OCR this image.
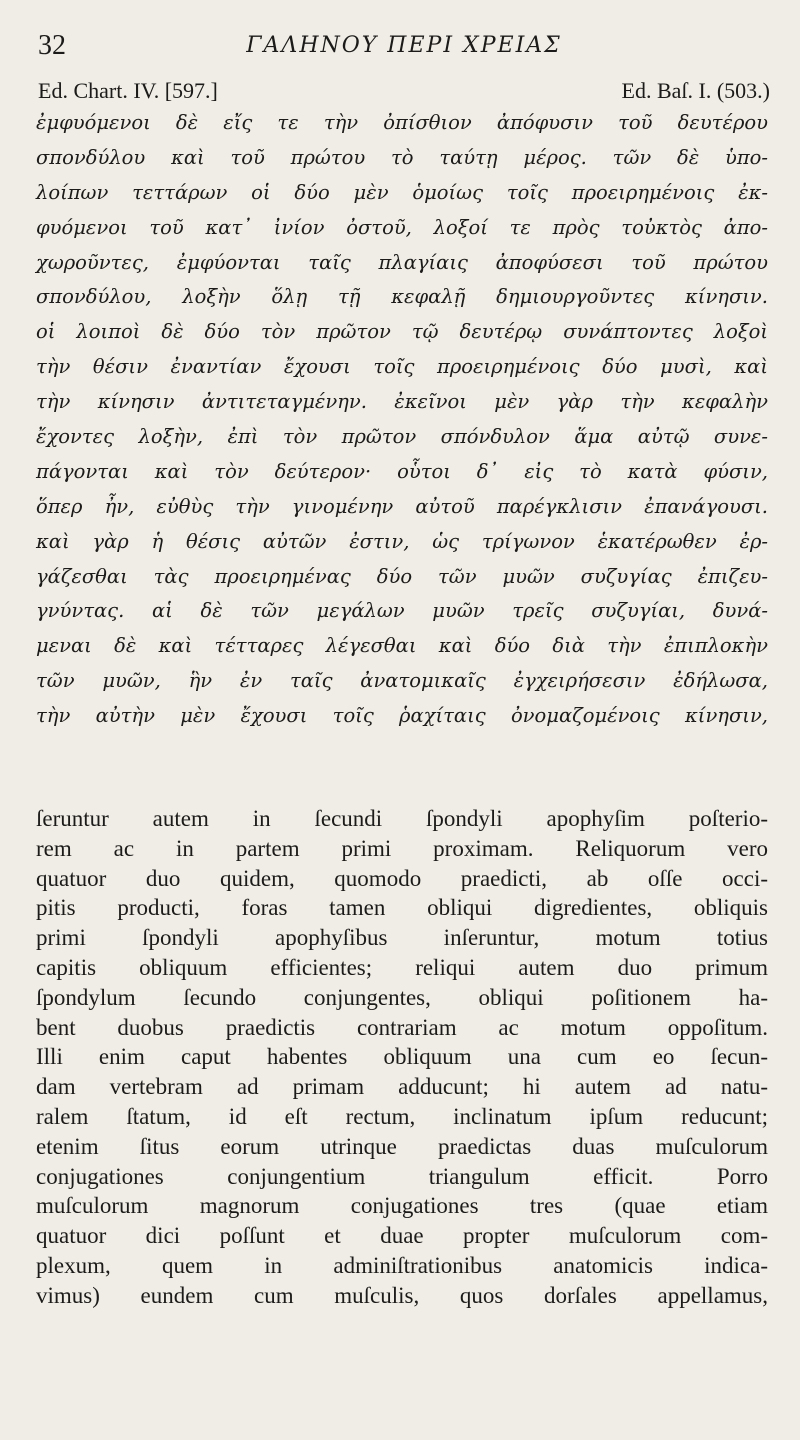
32	ΓΑΛΗΝΟΥ ΠΕΡΙ ΧΡΕΙΑΣ
Ed. Chart. IV. [597.]	Ed. Baſ. I. (503.)
ἐμφυόμενοι δὲ εἴς τε τὴν ὀπίσθιον ἀπόφυσιν τοῦ δευτέρου
σπονδύλου καὶ τοῦ πρώτου τὸ ταύτῃ μέρος. τῶν δὲ ὑπο-
λοίπων τεττάρων οἱ δύο μὲν ὁμοίως τοῖς προειρημένοις ἐκ-
φυόμενοι τοῦ κατ᾽ ἰνίον ὀστοῦ, λοξοί τε πρὸς τοὐκτὸς ἀπο-
χωροῦντες, ἐμφύονται ταῖς πλαγίαις ἀποφύσεσι τοῦ πρώτου
σπονδύλου, λοξὴν ὅλῃ τῇ κεφαλῇ δημιουργοῦντες κίνησιν.
οἱ λοιποὶ δὲ δύο τὸν πρῶτον τῷ δευτέρῳ συνάπτοντες λοξοὶ
τὴν θέσιν ἐναντίαν ἔχουσι τοῖς προειρημένοις δύο μυσὶ, καὶ
τὴν κίνησιν ἀντιτεταγμένην. ἐκεῖνοι μὲν γὰρ τὴν κεφαλὴν
ἔχοντες λοξὴν, ἐπὶ τὸν πρῶτον σπόνδυλον ἅμα αὐτῷ συνε-
πάγονται καὶ τὸν δεύτερον· οὗτοι δ᾽ εἰς τὸ κατὰ φύσιν,
ὅπερ ἦν, εὐθὺς τὴν γινομένην αὐτοῦ παρέγκλισιν ἐπανάγουσι.
καὶ γὰρ ἡ θέσις αὐτῶν ἐστιν, ὡς τρίγωνον ἑκατέρωθεν ἐρ-
γάζεσθαι τὰς προειρημένας δύο τῶν μυῶν συζυγίας ἐπιζευ-
γνύντας. αἱ δὲ τῶν μεγάλων μυῶν τρεῖς συζυγίαι, δυνά-
μεναι δὲ καὶ τέτταρες λέγεσθαι καὶ δύο διὰ τὴν ἐπιπλοκὴν
τῶν μυῶν, ἣν ἐν ταῖς ἀνατομικαῖς ἐγχειρήσεσιν ἐδήλωσα,
τὴν αὐτὴν μὲν ἔχουσι τοῖς ῥαχίταις ὀνομαζομένοις κίνησιν,
ſeruntur autem in ſecundi ſpondyli apophyſim poſterio-
rem ac in partem primi proximam. Reliquorum vero
quatuor duo quidem, quomodo praedicti, ab oſſe occi-
pitis producti, foras tamen obliqui digredientes, obliquis
primi ſpondyli apophyſibus inſeruntur, motum totius
capitis obliquum efficientes; reliqui autem duo primum
ſpondylum ſecundo conjungentes, obliqui poſitionem ha-
bent duobus praedictis contrariam ac motum oppoſitum.
Illi enim caput habentes obliquum una cum eo ſecun-
dam vertebram ad primam adducunt; hi autem ad natu-
ralem ſtatum, id eſt rectum, inclinatum ipſum reducunt;
etenim ſitus eorum utrinque praedictas duas muſculorum
conjugationes conjungentium triangulum efficit. Porro
muſculorum magnorum conjugationes tres (quae etiam
quatuor dici poſſunt et duae propter muſculorum com-
plexum, quem in adminiſtrationibus anatomicis indica-
vimus) eundem cum muſculis, quos dorſales appellamus,
